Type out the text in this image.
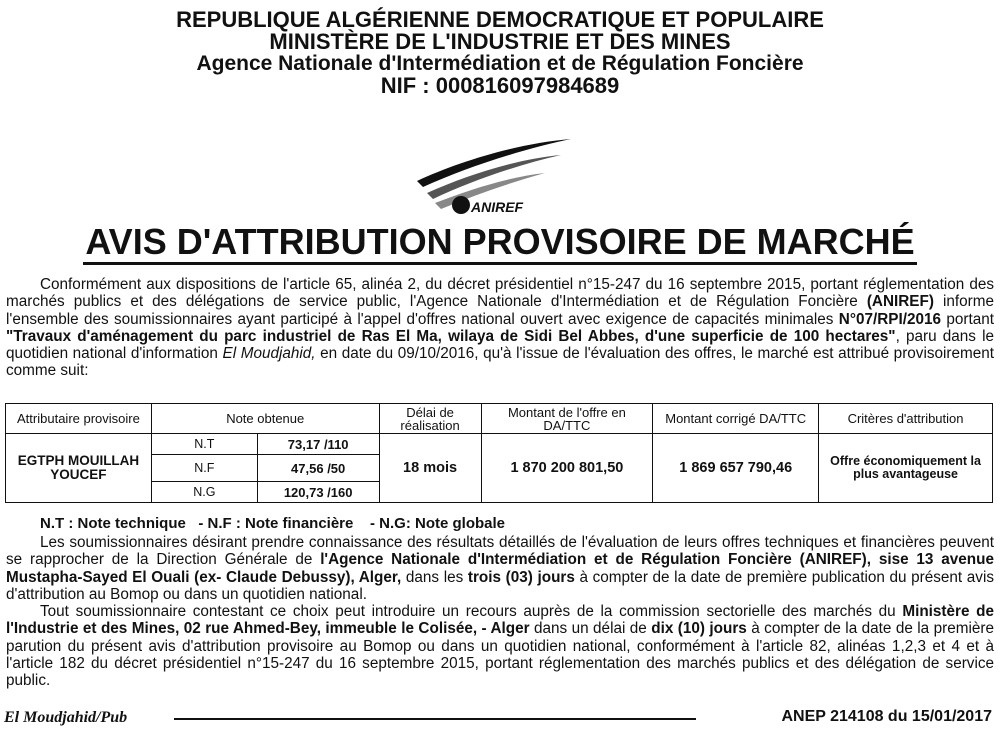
REPUBLIQUE ALGÉRIENNE DEMOCRATIQUE ET POPULAIRE
MINISTÈRE DE L'INDUSTRIE ET DES MINES
Agence Nationale d'Intermédiation et de Régulation Foncière
NIF : 000816097984689
ANIREF
AVIS D'ATTRIBUTION PROVISOIRE DE MARCHÉ

Conformément aux dispositions de l'article 65, alinéa 2, du décret présidentiel n°15-247 du 16 septembre 2015, portant réglementation des marchés publics et des délégations de service public, l'Agence Nationale d'Intermédiation et de Régulation Foncière (ANIREF) informe l'ensemble des soumissionnaires ayant participé à l'appel d'offres national ouvert avec exigence de capacités minimales N°07/RPI/2016 portant "Travaux d'aménagement du parc industriel de Ras El Ma, wilaya de Sidi Bel Abbes, d'une superficie de 100 hectares", paru dans le quotidien national d'information El Moudjahid, en date du 09/10/2016, qu'à l'issue de l'évaluation des offres, le marché est attribué provisoirement comme suit:

Attributaire provisoire	Note obtenue		Délai de réalisation	Montant de l'offre en DA/TTC	Montant corrigé DA/TTC	Critères d'attribution
EGTPH MOUILLAH YOUCEF	N.T	73,17 /110	18 mois	1 870 200 801,50	1 869 657 790,46	Offre économiquement la plus avantageuse
	N.F	47,56 /50				
	N.G	120,73 /160				
N.T : Note technique   - N.F : Note financière    - N.G: Note globale

Les soumissionnaires désirant prendre connaissance des résultats détaillés de l'évaluation de leurs offres techniques et financières peuvent se rapprocher de la Direction Générale de l'Agence Nationale d'Intermédiation et de Régulation Foncière (ANIREF), sise 13 avenue Mustapha-Sayed El Ouali (ex- Claude Debussy), Alger, dans les trois (03) jours à compter de la date de première publication du présent avis d'attribution au Bomop ou dans un quotidien national.

Tout soumissionnaire contestant ce choix peut introduire un recours auprès de la commission sectorielle des marchés du Ministère de l'Industrie et des Mines, 02 rue Ahmed-Bey, immeuble le Colisée, - Alger dans un délai de dix (10) jours à compter de la date de la première parution du présent avis d'attribution provisoire au Bomop ou dans un quotidien national, conformément à l'article 82, alinéas 1,2,3 et 4 et à l'article 182 du décret présidentiel n°15-247 du 16 septembre 2015, portant réglementation des marchés publics et des délégation de service public.

El Moudjahid/Pub	ANEP 214108 du 15/01/2017
